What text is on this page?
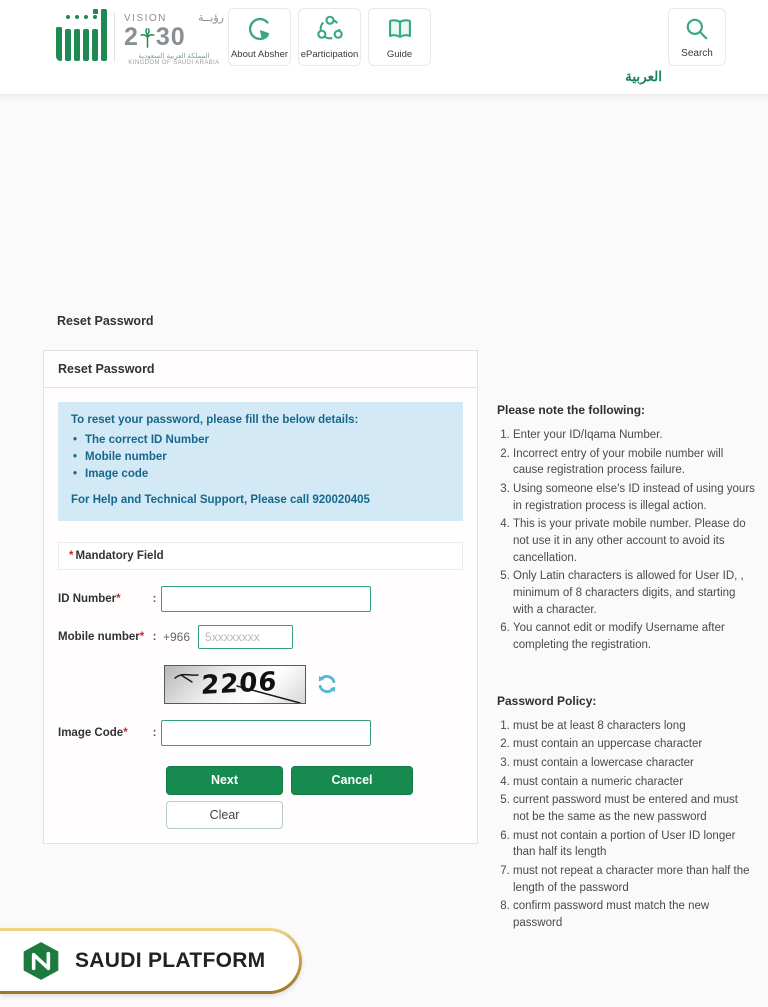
VISION	رؤيــة
2 30
المملكة العربية السعودية
KINGDOM OF SAUDI ARABIA
About Absher eParticipation	Guide	Search
العربية
Reset Password
Reset Password

To reset your password, please fill the below details:

• The correct ID Number
• Mobile number
• Image code

For Help and Technical Support, Please call 920020405

* Mandatory Field
ID Number*	:
Mobile number* : +966
5xxxxxxxx
2206
Image Code*	:
Next	Cancel
Clear
Please note the following:
1. Enter your ID/Iqama Number.
2. Incorrect entry of your mobile number will cause registration process failure.
3. Using someone else's ID instead of using yours in registration process is illegal action.
4. This is your private mobile number. Please do not use it in any other account to avoid its cancellation.
5. Only Latin characters is allowed for User ID, , minimum of 8 characters digits, and starting with a character.
6. You cannot edit or modify Username after completing the registration.
Password Policy:
1. must be at least 8 characters long
2. must contain an uppercase character
3. must contain a lowercase character
4. must contain a numeric character
5. current password must be entered and must not be the same as the new password
6. must not contain a portion of User ID longer than half its length
7. must not repeat a character more than half the length of the password
8. confirm password must match the new password
SAUDI PLATFORM
